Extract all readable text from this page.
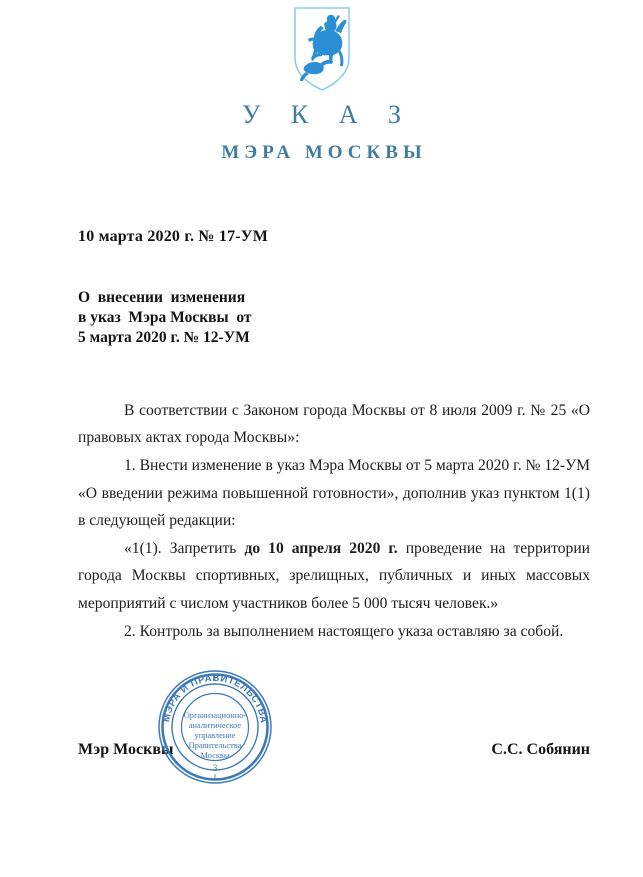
У К А З
МЭРА МОСКВЫ
10 марта 2020 г. № 17-УМ
О  внесении  изменения
в указ  Мэра Москвы  от
5 марта 2020 г. № 12-УМ

В соответствии с Законом города Москвы от 8 июля 2009 г. № 25 «О правовых актах города Москвы»:

1. Внести изменение в указ Мэра Москвы от 5 марта 2020 г. № 12-УМ «О введении режима повышенной готовности», дополнив указ пунктом 1(1) в следующей редакции:

«1(1). Запретить до 10 апреля 2020 г. проведение на территории города Москвы спортивных, зрелищных, публичных и иных массовых мероприятий с числом участников более 5 000 тысяч человек.»

2. Контроль за выполнением настоящего указа оставляю за собой.

Мэр Москвы	С.С. Собянин
МЭРА И ПРАВИТЕЛЬСТВА
Организационно-
аналитическое
управление
Правительства
Москвы
3
